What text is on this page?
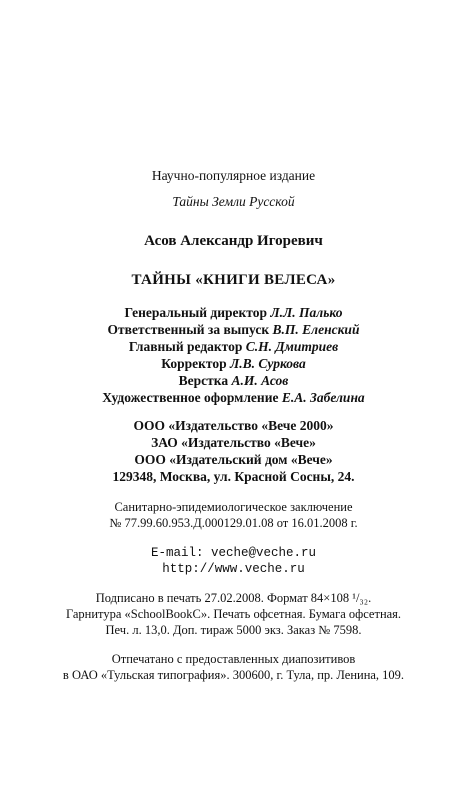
Научно-популярное издание
Тайны Земли Русской
Асов Александр Игоревич
ТАЙНЫ «КНИГИ ВЕЛЕСА»
Генеральный директор Л.Л. Палько
Ответственный за выпуск В.П. Еленский
Главный редактор С.Н. Дмитриев
Корректор Л.В. Суркова
Верстка А.И. Асов
Художественное оформление Е.А. Забелина
ООО «Издательство «Вече 2000»
ЗАО «Издательство «Вече»
ООО «Издательский дом «Вече»
129348, Москва, ул. Красной Сосны, 24.
Санитарно-эпидемиологическое заключение
№ 77.99.60.953.Д.000129.01.08 от 16.01.2008 г.
E-mail: veche@veche.ru
http://www.veche.ru
Подписано в печать 27.02.2008. Формат 84×108 ¹/₃₂.
Гарнитура «SchoolBookC». Печать офсетная. Бумага офсетная.
Печ. л. 13,0. Доп. тираж 5000 экз. Заказ № 7598.
Отпечатано с предоставленных диапозитивов
в ОАО «Тульская типография». 300600, г. Тула, пр. Ленина, 109.
